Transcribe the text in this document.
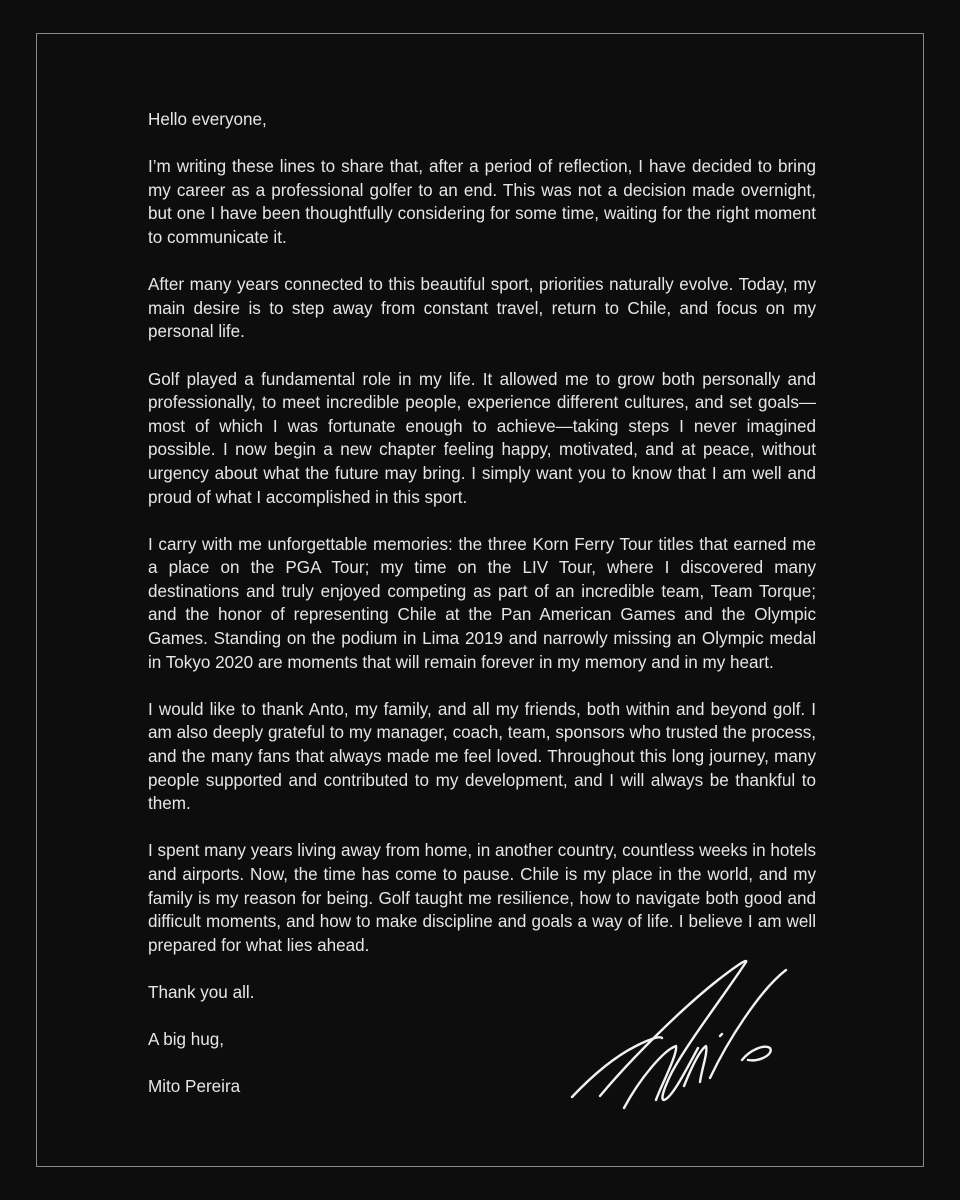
Hello everyone,

I’m writing these lines to share that, after a period of reflection, I have decided to bring my career as a professional golfer to an end. This was not a decision made overnight, but one I have been thoughtfully considering for some time, waiting for the right moment to communicate it.

After many years connected to this beautiful sport, priorities naturally evolve. Today, my main desire is to step away from constant travel, return to Chile, and focus on my personal life.

Golf played a fundamental role in my life. It allowed me to grow both personally and professionally, to meet incredible people, experience different cultures, and set goals—most of which I was fortunate enough to achieve—taking steps I never imagined possible. I now begin a new chapter feeling happy, motivated, and at peace, without urgency about what the future may bring. I simply want you to know that I am well and proud of what I accomplished in this sport.

I carry with me unforgettable memories: the three Korn Ferry Tour titles that earned me a place on the PGA Tour; my time on the LIV Tour, where I discovered many destinations and truly enjoyed competing as part of an incredible team, Team Torque; and the honor of representing Chile at the Pan American Games and the Olympic Games. Standing on the podium in Lima 2019 and narrowly missing an Olympic medal in Tokyo 2020 are moments that will remain forever in my memory and in my heart.

I would like to thank Anto, my family, and all my friends, both within and beyond golf. I am also deeply grateful to my manager, coach, team, sponsors who trusted the process, and the many fans that always made me feel loved. Throughout this long journey, many people supported and contributed to my development, and I will always be thankful to them.

I spent many years living away from home, in another country, countless weeks in hotels and airports. Now, the time has come to pause. Chile is my place in the world, and my family is my reason for being. Golf taught me resilience, how to navigate both good and difficult moments, and how to make discipline and goals a way of life. I believe I am well prepared for what lies ahead.

Thank you all.

A big hug,

Mito Pereira
